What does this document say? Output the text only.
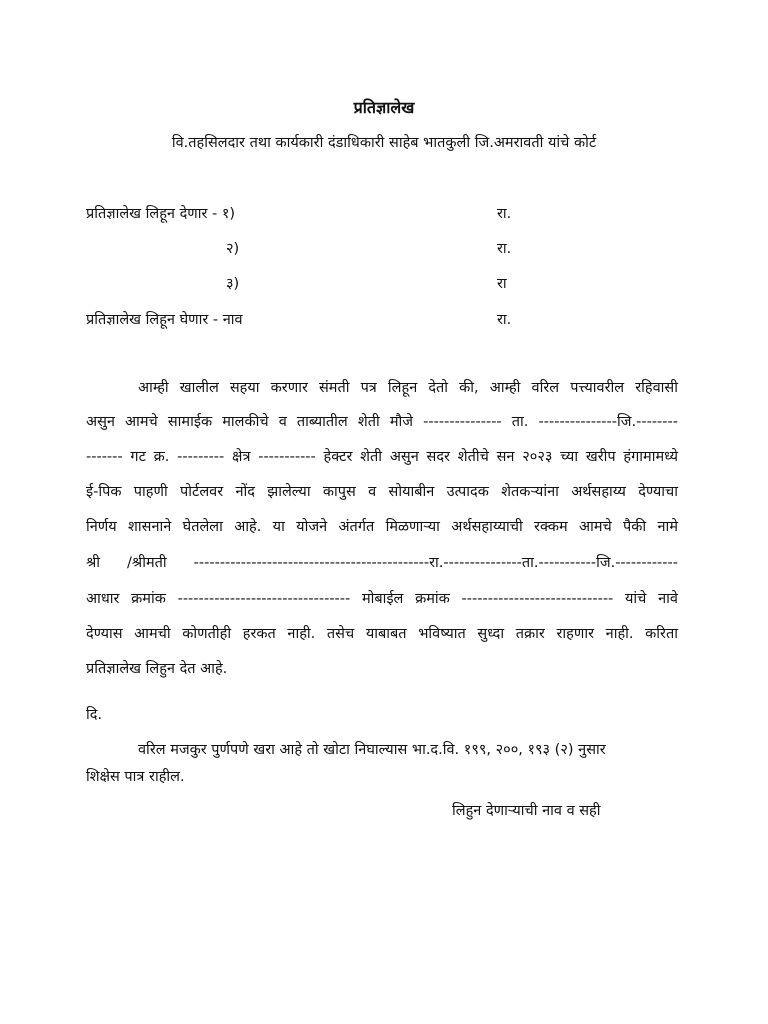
प्रतिज्ञालेख
वि.तहसिलदार तथा कार्यकारी दंडाधिकारी साहेब भातकुली जि.अमरावती यांचे कोर्ट
प्रतिज्ञालेख लिहून देणार - १)	रा.
२)	रा.
३)	रा
प्रतिज्ञालेख लिहून घेणार - नाव	रा.
आम्ही खालील सहया करणार संमती पत्र लिहून देतो की, आम्ही वरिल पत्त्यावरील रहिवासी
असुन आमचे सामाईक मालकीचे व ताब्यातील शेती मौजे --------------- ता. ---------------जि.--------
------- गट क्र. --------- क्षेत्र ----------- हेक्टर शेती असुन सदर शेतीचे सन २०२३ च्या खरीप हंगामामध्ये
ई-पिक पाहणी पोर्टलवर नोंद झालेल्या कापुस व सोयाबीन उत्पादक शेतकऱ्यांना अर्थसहाय्य देण्याचा
निर्णय शासनाने घेतलेला आहे. या योजने अंतर्गत मिळणाऱ्या अर्थसहाय्याची रक्कम आमचे पैकी नामे
श्री /श्रीमती ---------------------------------------------रा.---------------ता.-----------जि.------------
आधार क्रमांक --------------------------------- मोबाईल क्रमांक ----------------------------- यांचे नावे
देण्यास आमची कोणतीही हरकत नाही. तसेच याबाबत भविष्यात सुध्दा तक्रार राहणार नाही. करिता
प्रतिज्ञालेख लिहुन देत आहे.
दि.
वरिल मजकुर पुर्णपणे खरा आहे तो खोटा निघाल्यास भा.द.वि. १९९, २००, १९३ (२) नुसार
शिक्षेस पात्र राहील.
लिहुन देणाऱ्याची नाव व सही
